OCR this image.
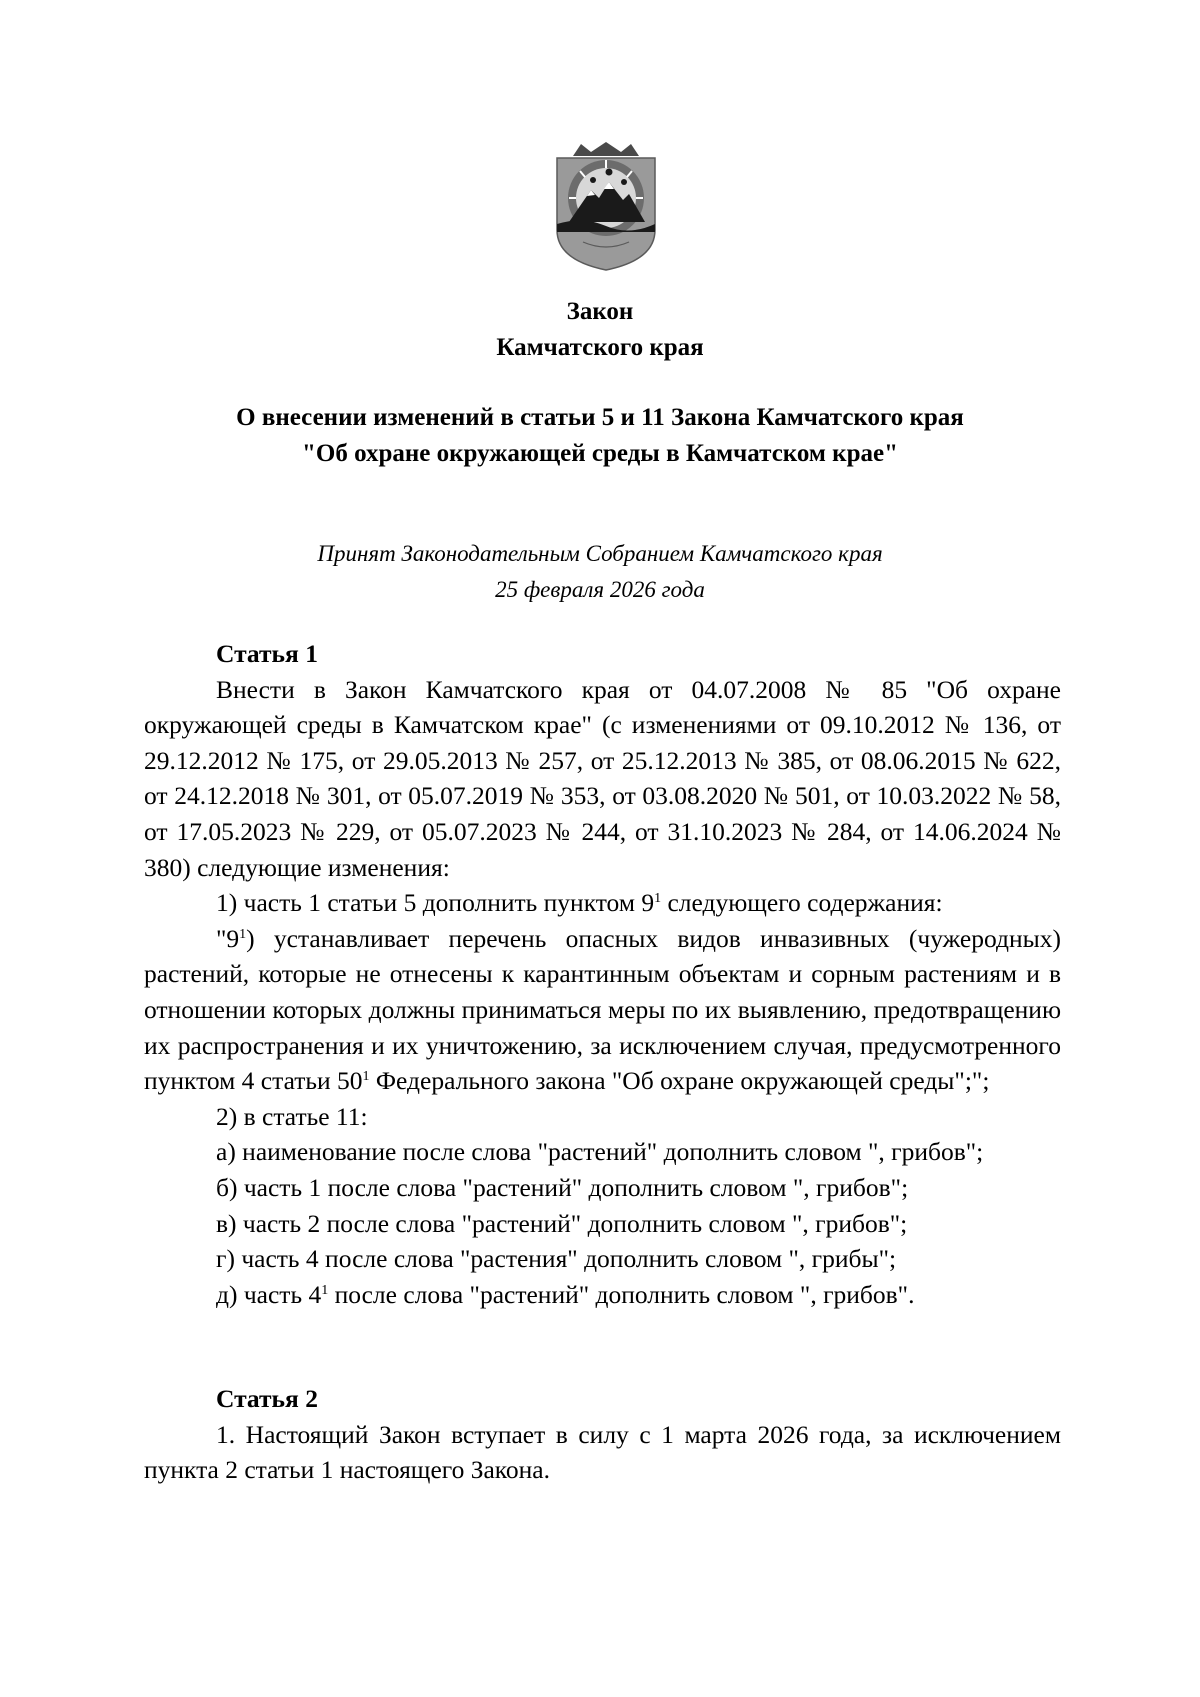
Закон
Камчатского края
О внесении изменений в статьи 5 и 11 Закона Камчатского края
"Об охране окружающей среды в Камчатском крае"
Принят Законодательным Собранием Камчатского края
25 февраля 2026 года

Статья 1

Внести в Закон Камчатского края от 04.07.2008 № 85 "Об охране окружающей среды в Камчатском крае" (с изменениями от 09.10.2012 № 136, от 29.12.2012 № 175, от 29.05.2013 № 257, от 25.12.2013 № 385, от 08.06.2015 № 622, от 24.12.2018 № 301, от 05.07.2019 № 353, от 03.08.2020 № 501, от 10.03.2022 № 58, от 17.05.2023 № 229, от 05.07.2023 № 244, от 31.10.2023 № 284, от 14.06.2024 № 380) следующие изменения:

1) часть 1 статьи 5 дополнить пунктом $9^1$ следующего содержания:

"$9^1$) устанавливает перечень опасных видов инвазивных (чужеродных) растений, которые не отнесены к карантинным объектам и сорным растениям и в отношении которых должны приниматься меры по их выявлению, предотвращению их распространения и их уничтожению, за исключением случая, предусмотренного пунктом 4 статьи $50^1$ Федерального закона "Об охране окружающей среды";";

2) в статье 11:

а) наименование после слова "растений" дополнить словом ", грибов";

б) часть 1 после слова "растений" дополнить словом ", грибов";

в) часть 2 после слова "растений" дополнить словом ", грибов";

г) часть 4 после слова "растения" дополнить словом ", грибы";

д) часть $4^1$ после слова "растений" дополнить словом ", грибов".

Статья 2

1. Настоящий Закон вступает в силу с 1 марта 2026 года, за исключением пункта 2 статьи 1 настоящего Закона.
